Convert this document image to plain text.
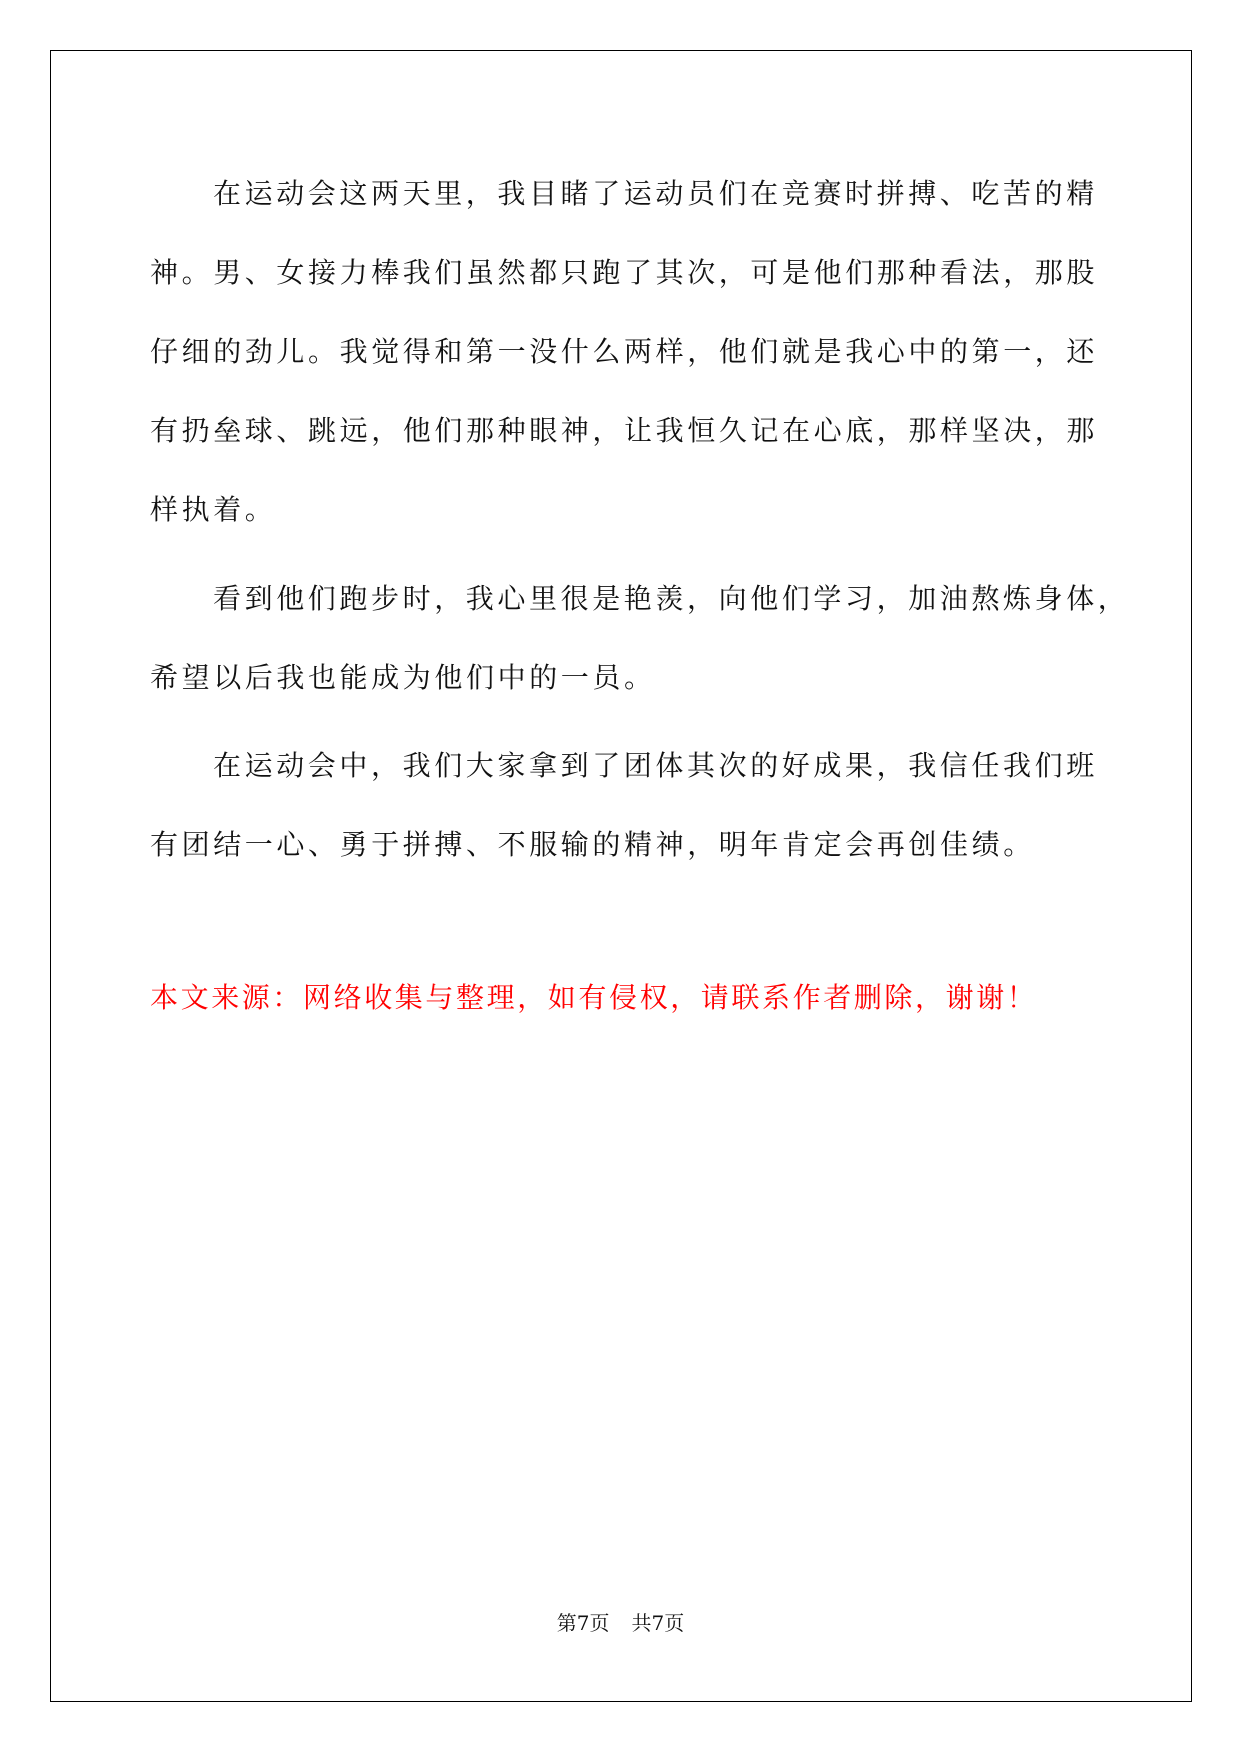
在运动会这两天里，我目睹了运动员们在竞赛时拼搏、吃苦的精
神。男、女接力棒我们虽然都只跑了其次，可是他们那种看法，那股
仔细的劲儿。我觉得和第一没什么两样，他们就是我心中的第一，还
有扔垒球、跳远，他们那种眼神，让我恒久记在心底，那样坚决，那
样执着。
看到他们跑步时，我心里很是艳羡，向他们学习，加油熬炼身体，
希望以后我也能成为他们中的一员。
在运动会中，我们大家拿到了团体其次的好成果，我信任我们班
有团结一心、勇于拼搏、不服输的精神，明年肯定会再创佳绩。
本文来源：网络收集与整理，如有侵权，请联系作者删除，谢谢！
第7页 共7页
